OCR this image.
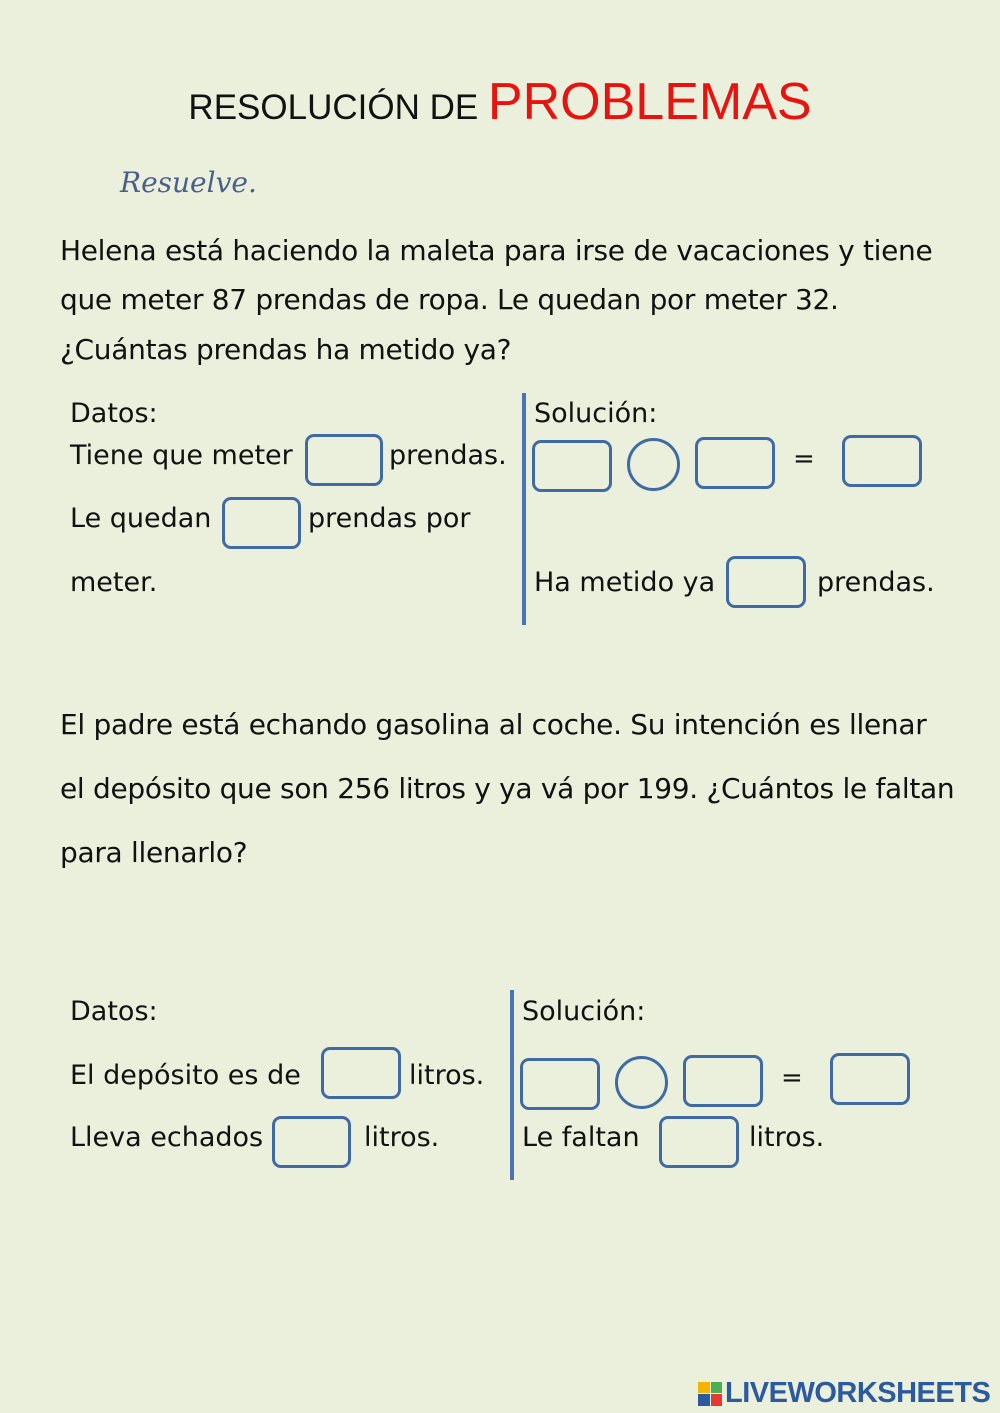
RESOLUCIÓN DE PROBLEMAS
Resuelve.
Helena está haciendo la maleta para irse de vacaciones y tiene
que meter 87 prendas de ropa. Le quedan por meter 32.
¿Cuántas prendas ha metido ya?
Datos:
Tiene que meter	prendas.
Le quedan	prendas por
meter.
Solución:
=
Ha metido ya	prendas.
El padre está echando gasolina al coche. Su intención es llenar
el depósito que son 256 litros y ya vá por 199. ¿Cuántos le faltan
para llenarlo?
Datos:
El depósito es de	litros.
Lleva echados	litros.
Solución:
=
Le faltan	litros.
LIVEWORKSHEETS
